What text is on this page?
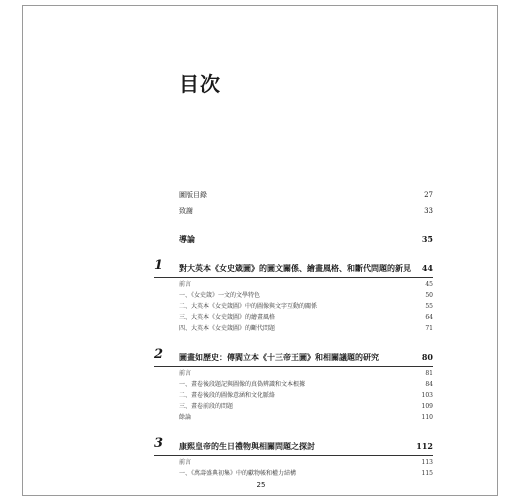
目次
圖版目錄	27
致謝	33
導論	35
1 對大英本《女史箴圖》的圖文關係、繪畫風格、和斷代問題的新見 44
前言	45
一、《女史箴》一文的文學特色	50
二、大英本《女史箴圖》中的圖像與文字互動的關係	55
三、大英本《女史箴圖》的繪畫風格	64
四、大英本《女史箴圖》的斷代問題	71
2 圖畫如歷史：傳閻立本《十三帝王圖》和相關議題的研究	80
前言	81
一、畫卷後段題記與圖像的真偽辨識和文本根據	84
二、畫卷後段的圖像意涵和文化脈絡	103
三、畫卷前段的問題	109
餘論	110
3 康熙皇帝的生日禮物與相關問題之探討	112
前言	113
一、《萬壽盛典初集》中的獻物帳和權力結構	115
25
